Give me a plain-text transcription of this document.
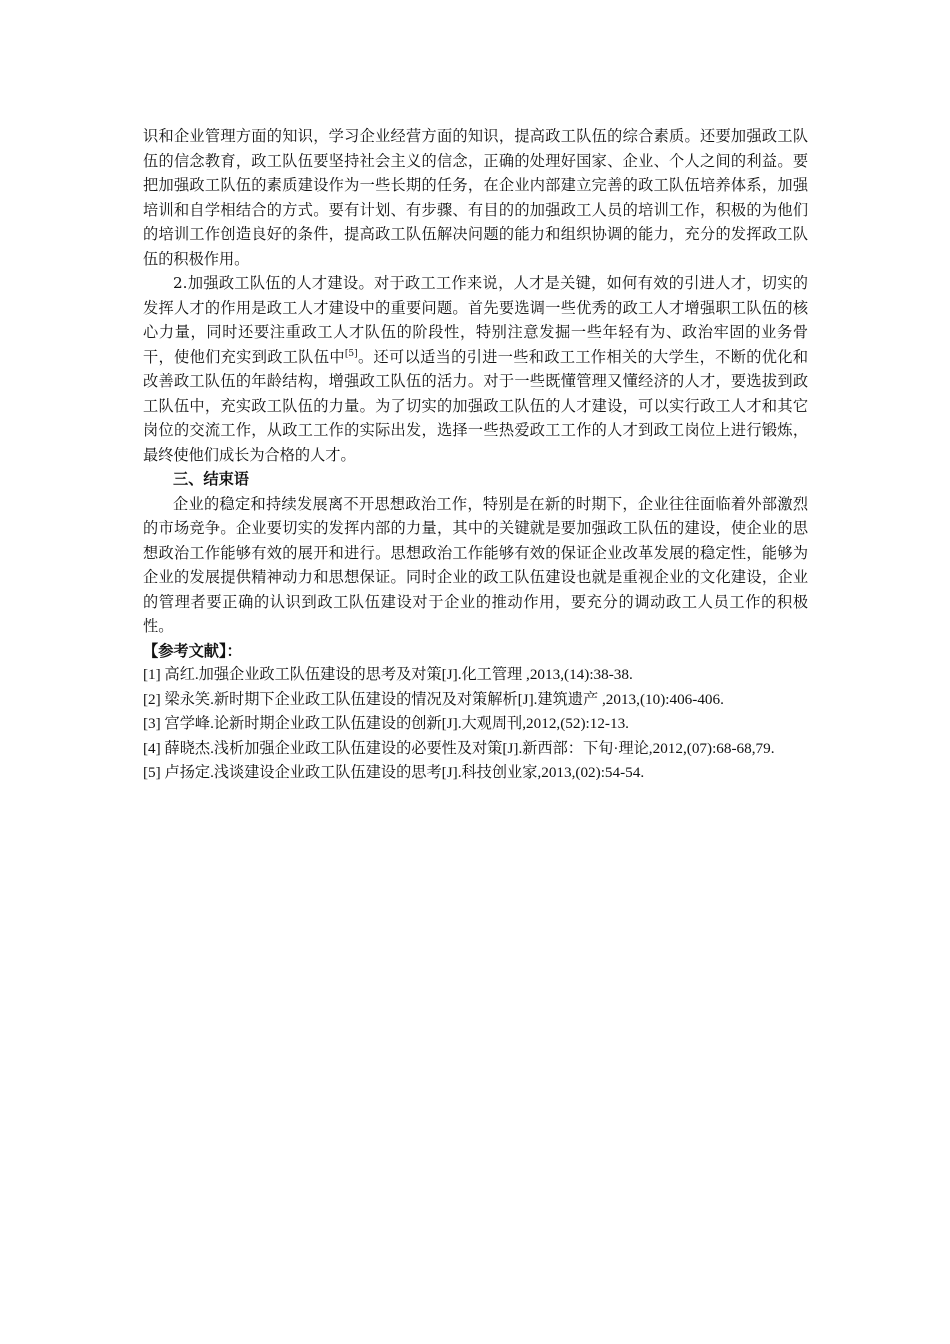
识和企业管理方面的知识，学习企业经营方面的知识，提高政工队伍的综合素质。还要加强政工队伍的信念教育，政工队伍要坚持社会主义的信念，正确的处理好国家、企业、个人之间的利益。要把加强政工队伍的素质建设作为一些长期的任务，在企业内部建立完善的政工队伍培养体系，加强培训和自学相结合的方式。要有计划、有步骤、有目的的加强政工人员的培训工作，积极的为他们的培训工作创造良好的条件，提高政工队伍解决问题的能力和组织协调的能力，充分的发挥政工队伍的积极作用。

2.加强政工队伍的人才建设。对于政工工作来说，人才是关键，如何有效的引进人才，切实的发挥人才的作用是政工人才建设中的重要问题。首先要选调一些优秀的政工人才增强职工队伍的核心力量，同时还要注重政工人才队伍的阶段性，特别注意发掘一些年轻有为、政治牢固的业务骨干，使他们充实到政工队伍中[5]。还可以适当的引进一些和政工工作相关的大学生，不断的优化和改善政工队伍的年龄结构，增强政工队伍的活力。对于一些既懂管理又懂经济的人才，要选拔到政工队伍中，充实政工队伍的力量。为了切实的加强政工队伍的人才建设，可以实行政工人才和其它岗位的交流工作，从政工工作的实际出发，选择一些热爱政工工作的人才到政工岗位上进行锻炼，最终使他们成长为合格的人才。

三、结束语

企业的稳定和持续发展离不开思想政治工作，特别是在新的时期下，企业往往面临着外部激烈的市场竞争。企业要切实的发挥内部的力量，其中的关键就是要加强政工队伍的建设，使企业的思想政治工作能够有效的展开和进行。思想政治工作能够有效的保证企业改革发展的稳定性，能够为企业的发展提供精神动力和思想保证。同时企业的政工队伍建设也就是重视企业的文化建设，企业的管理者要正确的认识到政工队伍建设对于企业的推动作用，要充分的调动政工人员工作的积极性。

【参考文献】：

[1] 高红.加强企业政工队伍建设的思考及对策[J].化工管理 ,2013,(14):38-38.
[2] 梁永笑.新时期下企业政工队伍建设的情况及对策解析[J].建筑遗产 ,2013,(10):406-406.
[3] 宫学峰.论新时期企业政工队伍建设的创新[J].大观周刊,2012,(52):12-13.
[4] 薛晓杰.浅析加强企业政工队伍建设的必要性及对策[J].新西部：下旬·理论,2012,(07):68-68,79.
[5] 卢扬定.浅谈建设企业政工队伍建设的思考[J].科技创业家,2013,(02):54-54.
